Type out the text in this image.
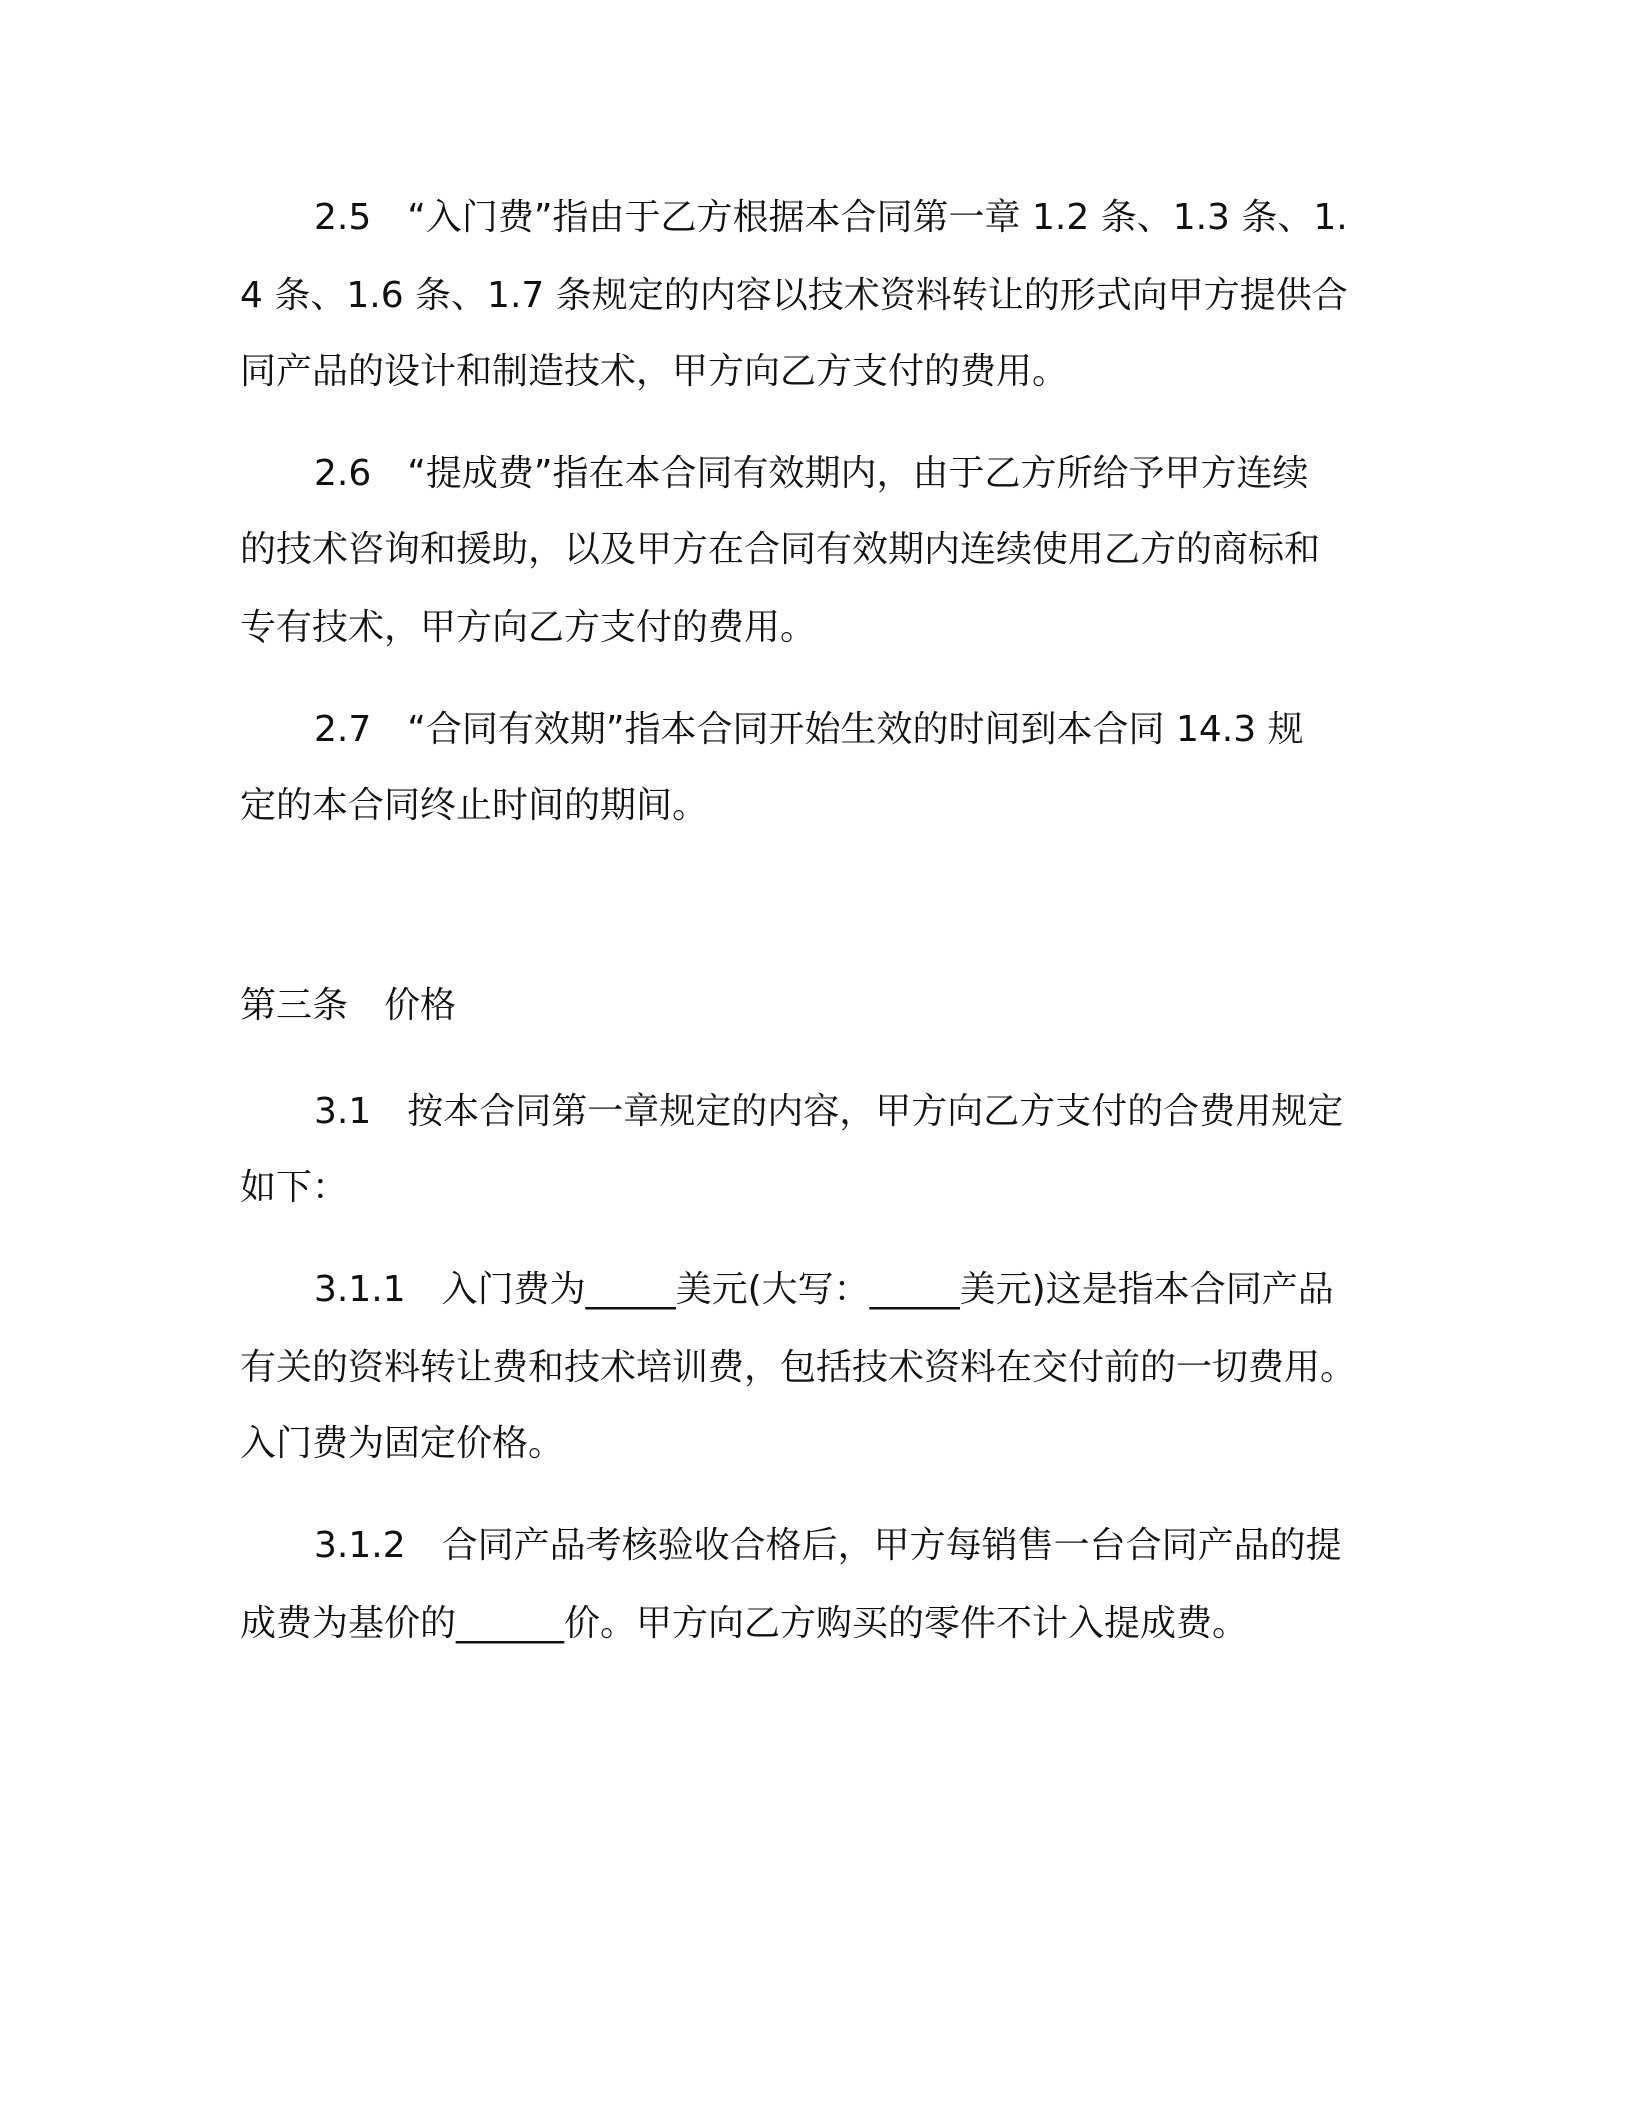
2.5　“入门费”指由于乙方根据本合同第一章 1.2 条、1.3 条、1.
4 条、1.6 条、1.7 条规定的内容以技术资料转让的形式向甲方提供合
同产品的设计和制造技术，甲方向乙方支付的费用。
2.6　“提成费”指在本合同有效期内，由于乙方所给予甲方连续
的技术咨询和援助，以及甲方在合同有效期内连续使用乙方的商标和
专有技术，甲方向乙方支付的费用。
2.7　“合同有效期”指本合同开始生效的时间到本合同 14.3 规
定的本合同终止时间的期间。
第三条　价格
3.1　按本合同第一章规定的内容，甲方向乙方支付的合费用规定
如下：
3.1.1　入门费为_____美元(大写：_____美元)这是指本合同产品
有关的资料转让费和技术培训费，包括技术资料在交付前的一切费用。
入门费为固定价格。
3.1.2　合同产品考核验收合格后，甲方每销售一台合同产品的提
成费为基价的______价。甲方向乙方购买的零件不计入提成费。
